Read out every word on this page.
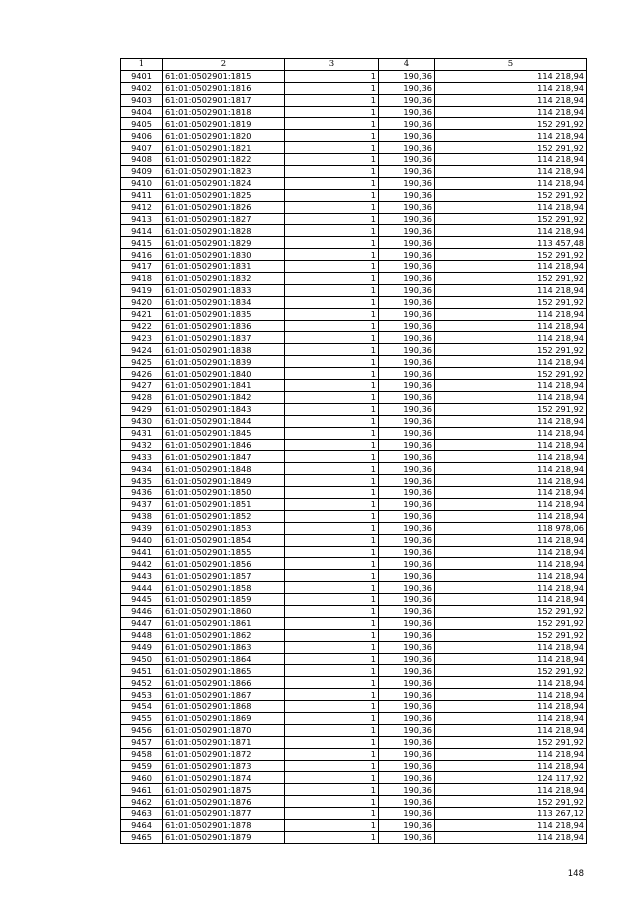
1	2	3	4	5
9401	61:01:0502901:1815	1	190,36	114 218,94
9402	61:01:0502901:1816	1	190,36	114 218,94
9403	61:01:0502901:1817	1	190,36	114 218,94
9404	61:01:0502901:1818	1	190,36	114 218,94
9405	61:01:0502901:1819	1	190,36	152 291,92
9406	61:01:0502901:1820	1	190,36	114 218,94
9407	61:01:0502901:1821	1	190,36	152 291,92
9408	61:01:0502901:1822	1	190,36	114 218,94
9409	61:01:0502901:1823	1	190,36	114 218,94
9410	61:01:0502901:1824	1	190,36	114 218,94
9411	61:01:0502901:1825	1	190,36	152 291,92
9412	61:01:0502901:1826	1	190,36	114 218,94
9413	61:01:0502901:1827	1	190,36	152 291,92
9414	61:01:0502901:1828	1	190,36	114 218,94
9415	61:01:0502901:1829	1	190,36	113 457,48
9416	61:01:0502901:1830	1	190,36	152 291,92
9417	61:01:0502901:1831	1	190,36	114 218,94
9418	61:01:0502901:1832	1	190,36	152 291,92
9419	61:01:0502901:1833	1	190,36	114 218,94
9420	61:01:0502901:1834	1	190,36	152 291,92
9421	61:01:0502901:1835	1	190,36	114 218,94
9422	61:01:0502901:1836	1	190,36	114 218,94
9423	61:01:0502901:1837	1	190,36	114 218,94
9424	61:01:0502901:1838	1	190,36	152 291,92
9425	61:01:0502901:1839	1	190,36	114 218,94
9426	61:01:0502901:1840	1	190,36	152 291,92
9427	61:01:0502901:1841	1	190,36	114 218,94
9428	61:01:0502901:1842	1	190,36	114 218,94
9429	61:01:0502901:1843	1	190,36	152 291,92
9430	61:01:0502901:1844	1	190,36	114 218,94
9431	61:01:0502901:1845	1	190,36	114 218,94
9432	61:01:0502901:1846	1	190,36	114 218,94
9433	61:01:0502901:1847	1	190,36	114 218,94
9434	61:01:0502901:1848	1	190,36	114 218,94
9435	61:01:0502901:1849	1	190,36	114 218,94
9436	61:01:0502901:1850	1	190,36	114 218,94
9437	61:01:0502901:1851	1	190,36	114 218,94
9438	61:01:0502901:1852	1	190,36	114 218,94
9439	61:01:0502901:1853	1	190,36	118 978,06
9440	61:01:0502901:1854	1	190,36	114 218,94
9441	61:01:0502901:1855	1	190,36	114 218,94
9442	61:01:0502901:1856	1	190,36	114 218,94
9443	61:01:0502901:1857	1	190,36	114 218,94
9444	61:01:0502901:1858	1	190,36	114 218,94
9445	61:01:0502901:1859	1	190,36	114 218,94
9446	61:01:0502901:1860	1	190,36	152 291,92
9447	61:01:0502901:1861	1	190,36	152 291,92
9448	61:01:0502901:1862	1	190,36	152 291,92
9449	61:01:0502901:1863	1	190,36	114 218,94
9450	61:01:0502901:1864	1	190,36	114 218,94
9451	61:01:0502901:1865	1	190,36	152 291,92
9452	61:01:0502901:1866	1	190,36	114 218,94
9453	61:01:0502901:1867	1	190,36	114 218,94
9454	61:01:0502901:1868	1	190,36	114 218,94
9455	61:01:0502901:1869	1	190,36	114 218,94
9456	61:01:0502901:1870	1	190,36	114 218,94
9457	61:01:0502901:1871	1	190,36	152 291,92
9458	61:01:0502901:1872	1	190,36	114 218,94
9459	61:01:0502901:1873	1	190,36	114 218,94
9460	61:01:0502901:1874	1	190,36	124 117,92
9461	61:01:0502901:1875	1	190,36	114 218,94
9462	61:01:0502901:1876	1	190,36	152 291,92
9463	61:01:0502901:1877	1	190,36	113 267,12
9464	61:01:0502901:1878	1	190,36	114 218,94
9465	61:01:0502901:1879	1	190,36	114 218,94
148
